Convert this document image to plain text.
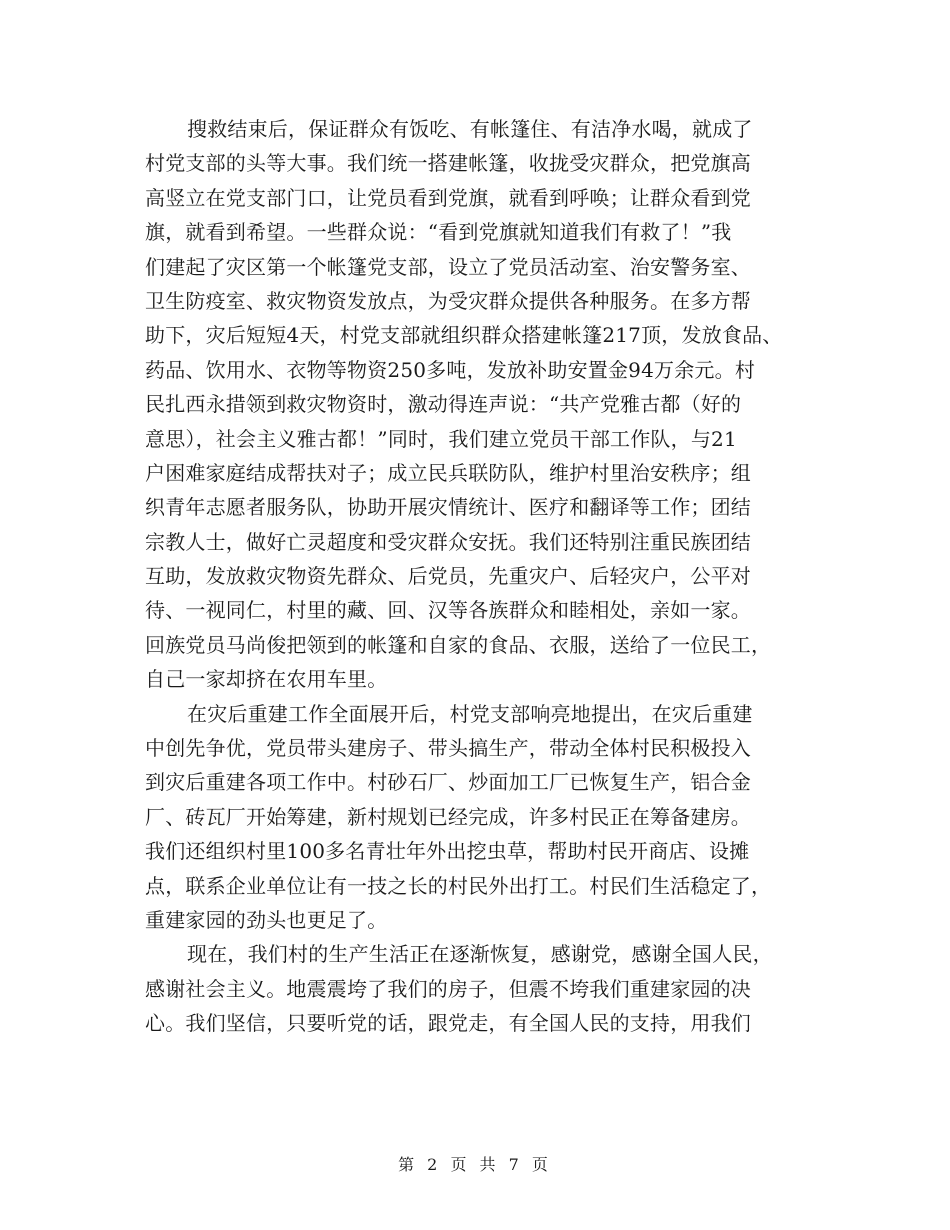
搜救结束后，保证群众有饭吃、有帐篷住、有洁净水喝，就成了
村党支部的头等大事。我们统一搭建帐篷，收拢受灾群众，把党旗高
高竖立在党支部门口，让党员看到党旗，就看到呼唤；让群众看到党
旗，就看到希望。一些群众说：“看到党旗就知道我们有救了！”我
们建起了灾区第一个帐篷党支部，设立了党员活动室、治安警务室、
卫生防疫室、救灾物资发放点，为受灾群众提供各种服务。在多方帮
助下，灾后短短4天，村党支部就组织群众搭建帐篷217顶，发放食品、
药品、饮用水、衣物等物资250多吨，发放补助安置金94万余元。村
民扎西永措领到救灾物资时，激动得连声说：“共产党雅古都（好的
意思），社会主义雅古都！”同时，我们建立党员干部工作队，与21
户困难家庭结成帮扶对子；成立民兵联防队，维护村里治安秩序；组
织青年志愿者服务队，协助开展灾情统计、医疗和翻译等工作；团结
宗教人士，做好亡灵超度和受灾群众安抚。我们还特别注重民族团结
互助，发放救灾物资先群众、后党员，先重灾户、后轻灾户，公平对
待、一视同仁，村里的藏、回、汉等各族群众和睦相处，亲如一家。
回族党员马尚俊把领到的帐篷和自家的食品、衣服，送给了一位民工，
自己一家却挤在农用车里。
在灾后重建工作全面展开后，村党支部响亮地提出，在灾后重建
中创先争优，党员带头建房子、带头搞生产，带动全体村民积极投入
到灾后重建各项工作中。村砂石厂、炒面加工厂已恢复生产，铝合金
厂、砖瓦厂开始筹建，新村规划已经完成，许多村民正在筹备建房。
我们还组织村里100多名青壮年外出挖虫草，帮助村民开商店、设摊
点，联系企业单位让有一技之长的村民外出打工。村民们生活稳定了，
重建家园的劲头也更足了。
现在，我们村的生产生活正在逐渐恢复，感谢党，感谢全国人民，
感谢社会主义。地震震垮了我们的房子，但震不垮我们重建家园的决
心。我们坚信，只要听党的话，跟党走，有全国人民的支持，用我们
第 2 页 共 7 页
